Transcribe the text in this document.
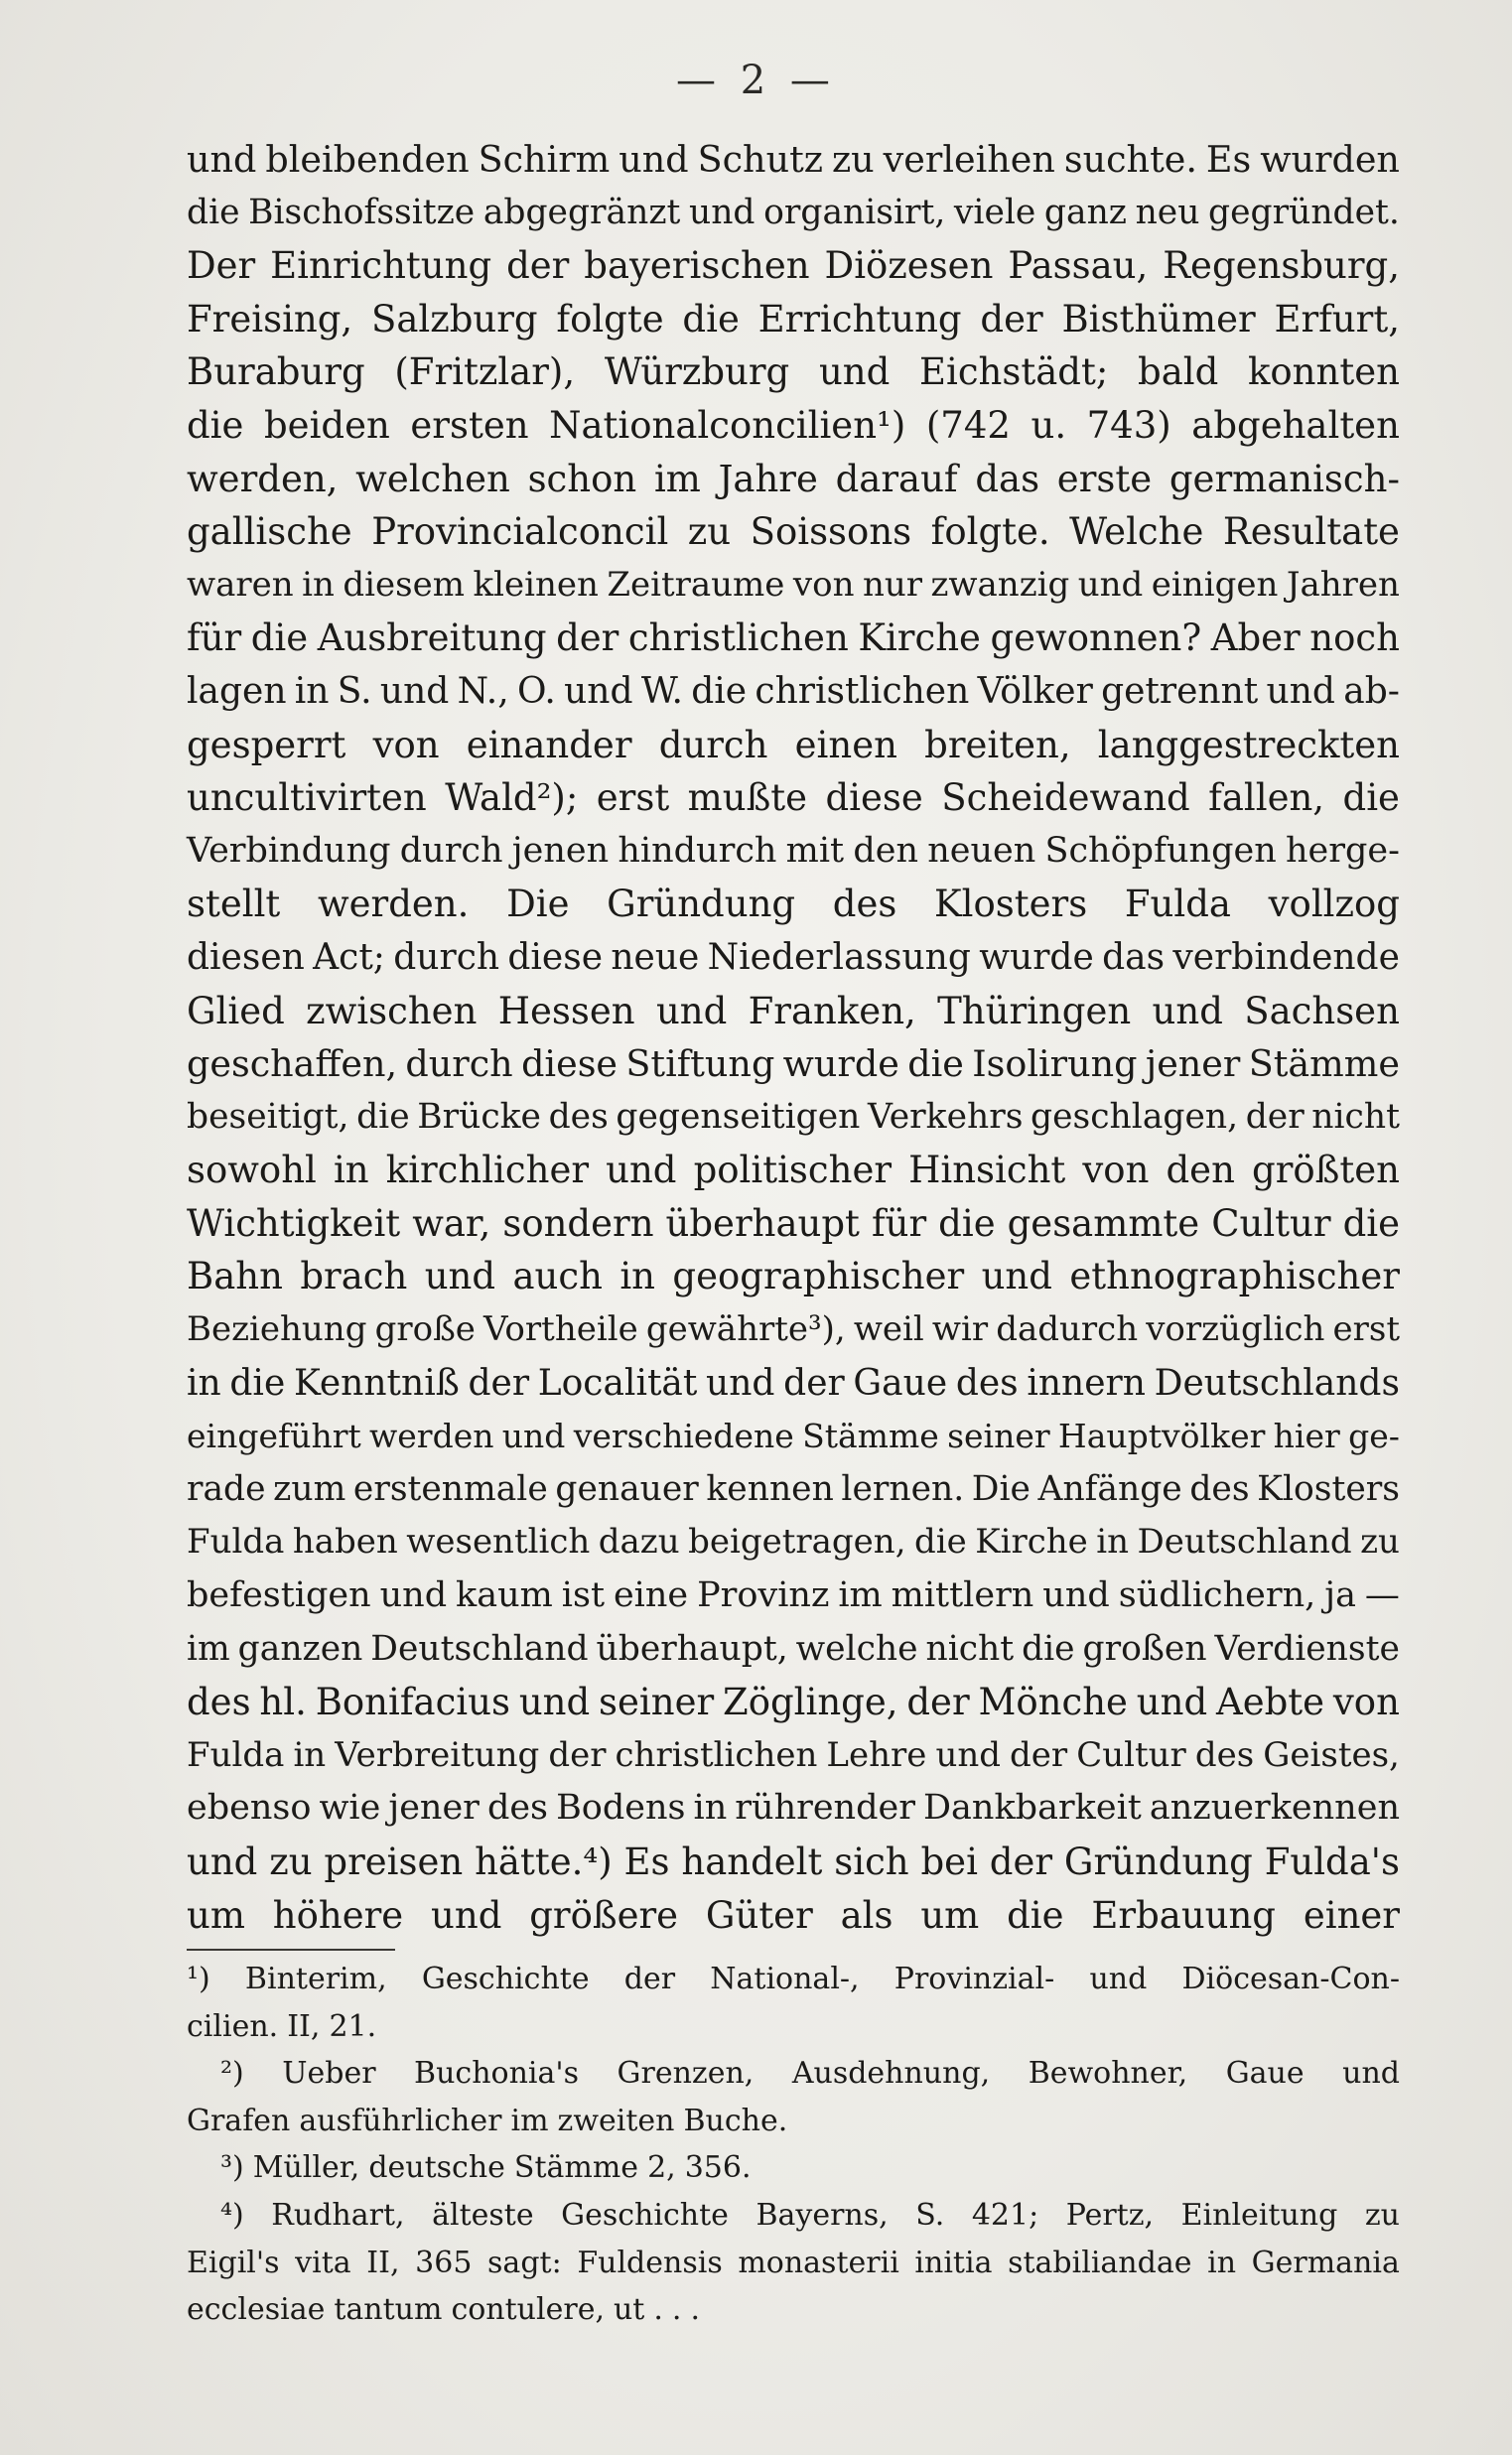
— 2 —
und bleibenden Schirm und Schutz zu verleihen suchte. Es wurden
die Bischofssitze abgegränzt und organisirt, viele ganz neu gegründet.
Der Einrichtung der bayerischen Diözesen Passau, Regensburg,
Freising, Salzburg folgte die Errichtung der Bisthümer Erfurt,
Buraburg (Fritzlar), Würzburg und Eichstädt; bald konnten
die beiden ersten Nationalconcilien¹) (742 u. 743) abgehalten
werden, welchen schon im Jahre darauf das erste germanisch-
gallische Provincialconcil zu Soissons folgte. Welche Resultate
waren in diesem kleinen Zeitraume von nur zwanzig und einigen Jahren
für die Ausbreitung der christlichen Kirche gewonnen? Aber noch
lagen in S. und N., O. und W. die christlichen Völker getrennt und ab-
gesperrt von einander durch einen breiten, langgestreckten
uncultivirten Wald²); erst mußte diese Scheidewand fallen, die
Verbindung durch jenen hindurch mit den neuen Schöpfungen herge-
stellt werden. Die Gründung des Klosters Fulda vollzog
diesen Act; durch diese neue Niederlassung wurde das verbindende
Glied zwischen Hessen und Franken, Thüringen und Sachsen
geschaffen, durch diese Stiftung wurde die Isolirung jener Stämme
beseitigt, die Brücke des gegenseitigen Verkehrs geschlagen, der nicht
sowohl in kirchlicher und politischer Hinsicht von den größten
Wichtigkeit war, sondern überhaupt für die gesammte Cultur die
Bahn brach und auch in geographischer und ethnographischer
Beziehung große Vortheile gewährte³), weil wir dadurch vorzüglich erst
in die Kenntniß der Localität und der Gaue des innern Deutschlands
eingeführt werden und verschiedene Stämme seiner Hauptvölker hier ge-
rade zum erstenmale genauer kennen lernen. Die Anfänge des Klosters
Fulda haben wesentlich dazu beigetragen, die Kirche in Deutschland zu
befestigen und kaum ist eine Provinz im mittlern und südlichern, ja —
im ganzen Deutschland überhaupt, welche nicht die großen Verdienste
des hl. Bonifacius und seiner Zöglinge, der Mönche und Aebte von
Fulda in Verbreitung der christlichen Lehre und der Cultur des Geistes,
ebenso wie jener des Bodens in rührender Dankbarkeit anzuerkennen
und zu preisen hätte.⁴) Es handelt sich bei der Gründung Fulda's
um höhere und größere Güter als um die Erbauung einer
¹) Binterim, Geschichte der National-, Provinzial- und Diöcesan-Con-
cilien. II, 21.
²) Ueber Buchonia's Grenzen, Ausdehnung, Bewohner, Gaue und
Grafen ausführlicher im zweiten Buche.
³) Müller, deutsche Stämme 2, 356.
⁴) Rudhart, älteste Geschichte Bayerns, S. 421; Pertz, Einleitung zu
Eigil's vita II, 365 sagt: Fuldensis monasterii initia stabiliandae in Germania
ecclesiae tantum contulere, ut . . .
